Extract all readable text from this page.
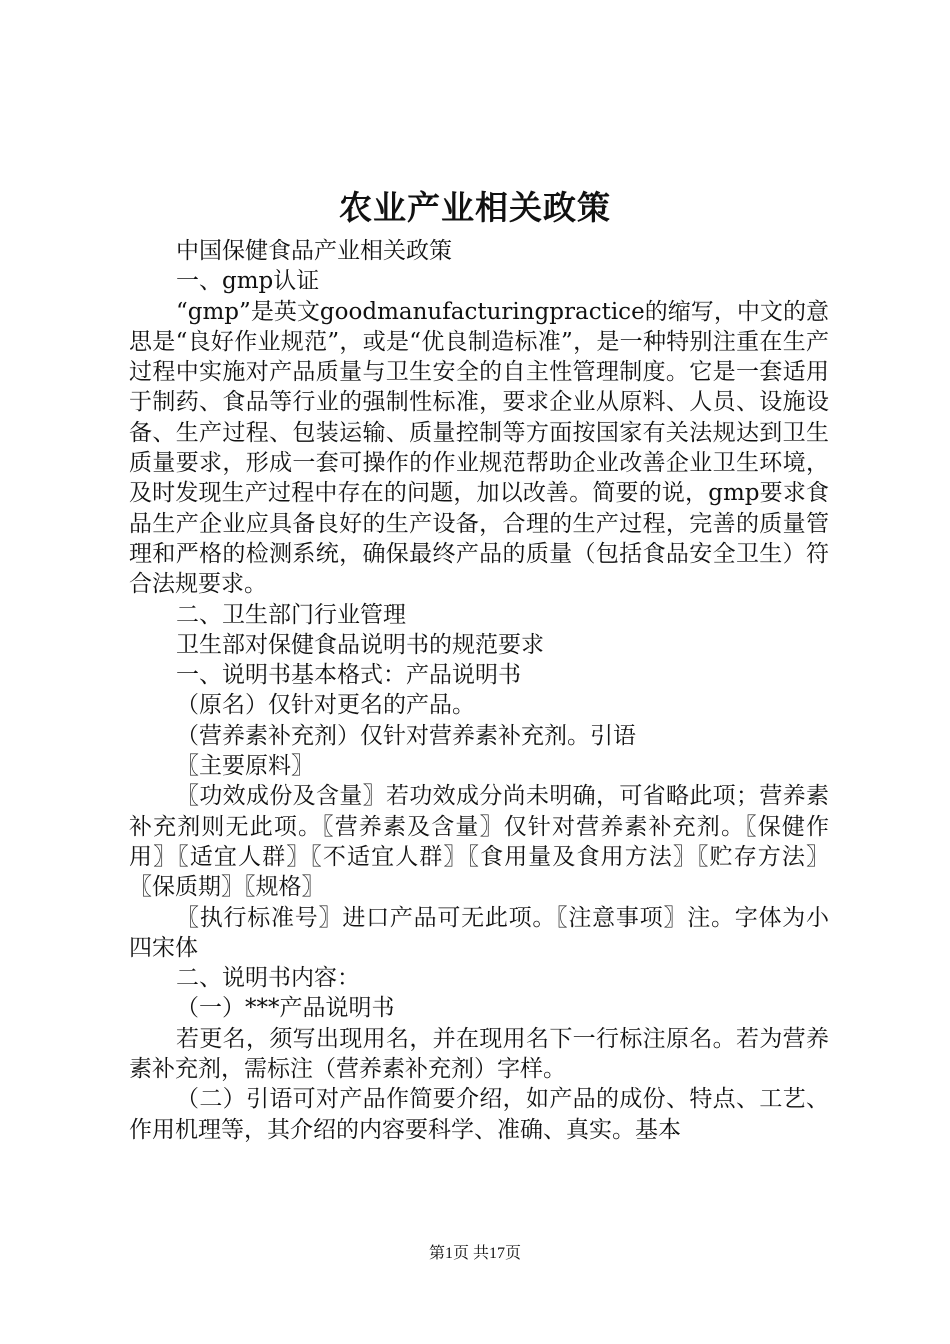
农业产业相关政策

中国保健食品产业相关政策

一、gmp认证

“gmp”是英文goodmanufacturingpractice的缩写，中文的意思是“良好作业规范”，或是“优良制造标准”，是一种特别注重在生产过程中实施对产品质量与卫生安全的自主性管理制度。它是一套适用于制药、食品等行业的强制性标准，要求企业从原料、人员、设施设备、生产过程、包装运输、质量控制等方面按国家有关法规达到卫生质量要求，形成一套可操作的作业规范帮助企业改善企业卫生环境，及时发现生产过程中存在的问题，加以改善。简要的说，gmp要求食品生产企业应具备良好的生产设备，合理的生产过程，完善的质量管理和严格的检测系统，确保最终产品的质量（包括食品安全卫生）符合法规要求。

二、卫生部门行业管理

卫生部对保健食品说明书的规范要求

一、说明书基本格式：产品说明书

（原名）仅针对更名的产品。

（营养素补充剂）仅针对营养素补充剂。引语

〖主要原料〗

〖功效成份及含量〗若功效成分尚未明确，可省略此项；营养素补充剂则无此项。〖营养素及含量〗仅针对营养素补充剂。〖保健作用〗〖适宜人群〗〖不适宜人群〗〖食用量及食用方法〗〖贮存方法〗〖保质期〗〖规格〗

〖执行标准号〗进口产品可无此项。〖注意事项〗注。字体为小四宋体

二、说明书内容：

（一）***产品说明书

若更名，须写出现用名，并在现用名下一行标注原名。若为营养素补充剂，需标注（营养素补充剂）字样。

（二）引语可对产品作简要介绍，如产品的成份、特点、工艺、作用机理等，其介绍的内容要科学、准确、真实。基本

第1页 共17页
